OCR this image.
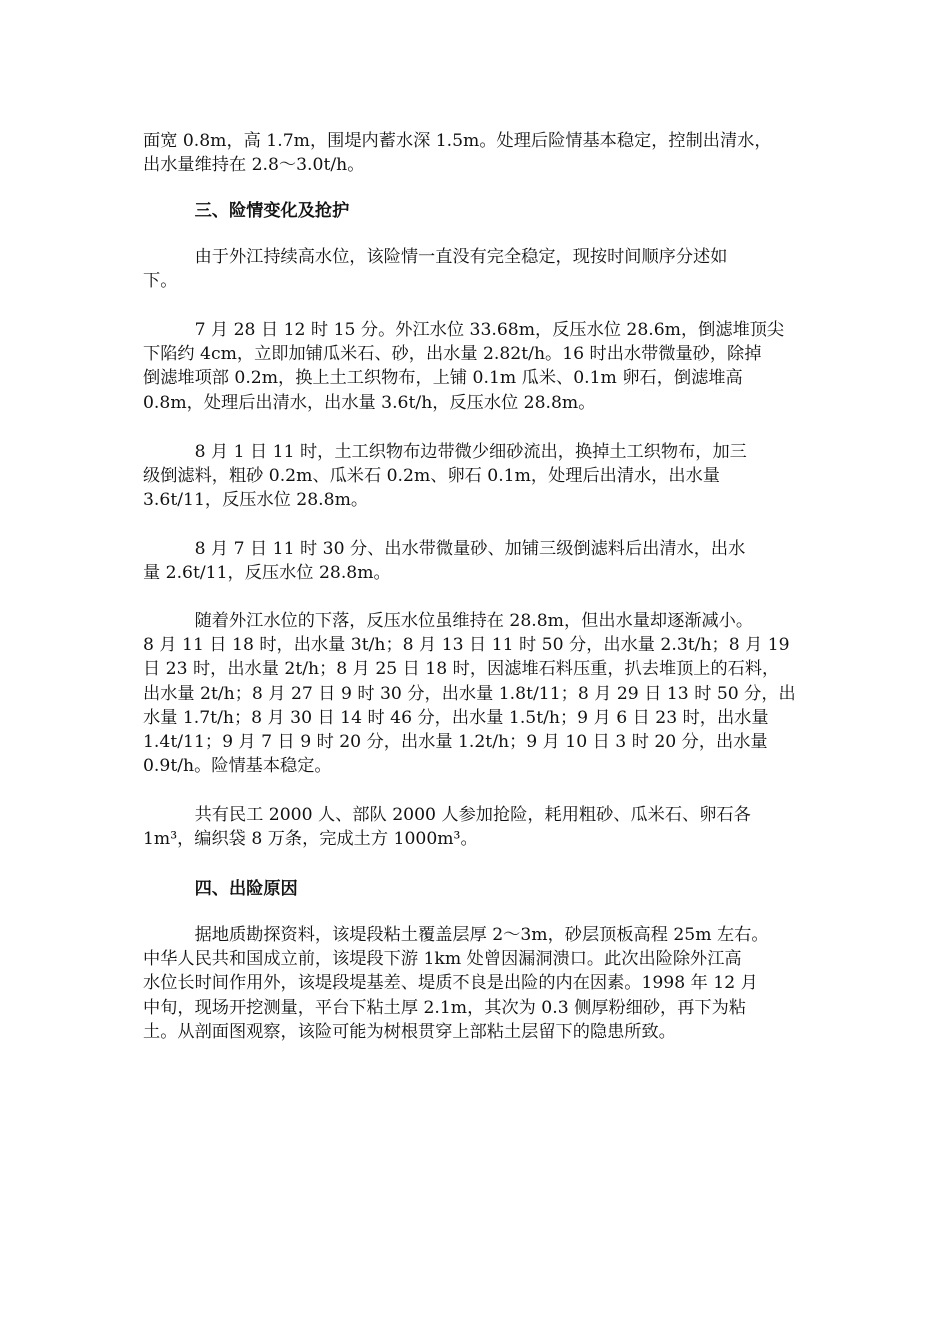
面宽 0.8m，高 1.7m，围堤内蓄水深 1.5m。处理后险情基本稳定，控制出清水，
出水量维持在 2.8～3.0t/h。
　　　三、险情变化及抢护
　　　由于外江持续高水位，该险情一直没有完全稳定，现按时间顺序分述如
下。
　　　7 月 28 日 12 时 15 分。外江水位 33.68m，反压水位 28.6m，倒滤堆顶尖
下陷约 4cm，立即加铺瓜米石、砂，出水量 2.82t/h。16 时出水带微量砂，除掉
倒滤堆项部 0.2m，换上土工织物布，上铺 0.1m 瓜米、0.1m 卵石，倒滤堆高
0.8m，处理后出清水，出水量 3.6t/h，反压水位 28.8m。
　　　8 月 1 日 11 时，土工织物布边带微少细砂流出，换掉土工织物布，加三
级倒滤料，粗砂 0.2m、瓜米石 0.2m、卵石 0.1m，处理后出清水，出水量
3.6t/11，反压水位 28.8m。
　　　8 月 7 日 11 时 30 分、出水带微量砂、加铺三级倒滤料后出清水，出水
量 2.6t/11，反压水位 28.8m。
　　　随着外江水位的下落，反压水位虽维持在 28.8m，但出水量却逐渐减小。
8 月 11 日 18 时，出水量 3t/h；8 月 13 日 11 时 50 分，出水量 2.3t/h；8 月 19
日 23 时，出水量 2t/h；8 月 25 日 18 时，因滤堆石料压重，扒去堆顶上的石料，
出水量 2t/h；8 月 27 日 9 时 30 分，出水量 1.8t/11；8 月 29 日 13 时 50 分，出
水量 1.7t/h；8 月 30 日 14 时 46 分，出水量 1.5t/h；9 月 6 日 23 时，出水量
1.4t/11；9 月 7 日 9 时 20 分，出水量 1.2t/h；9 月 10 日 3 时 20 分，出水量
0.9t/h。险情基本稳定。
　　　共有民工 2000 人、部队 2000 人参加抢险，耗用粗砂、瓜米石、卵石各
1m³，编织袋 8 万条，完成土方 1000m³。
　　　四、出险原因
　　　据地质勘探资料，该堤段粘土覆盖层厚 2～3m，砂层顶板高程 25m 左右。
中华人民共和国成立前，该堤段下游 1km 处曾因漏洞溃口。此次出险除外江高
水位长时间作用外，该堤段堤基差、堤质不良是出险的内在因素。1998 年 12 月
中旬，现场开挖测量，平台下粘土厚 2.1m，其次为 0.3 侧厚粉细砂，再下为粘
土。从剖面图观察，该险可能为树根贯穿上部粘土层留下的隐患所致。
